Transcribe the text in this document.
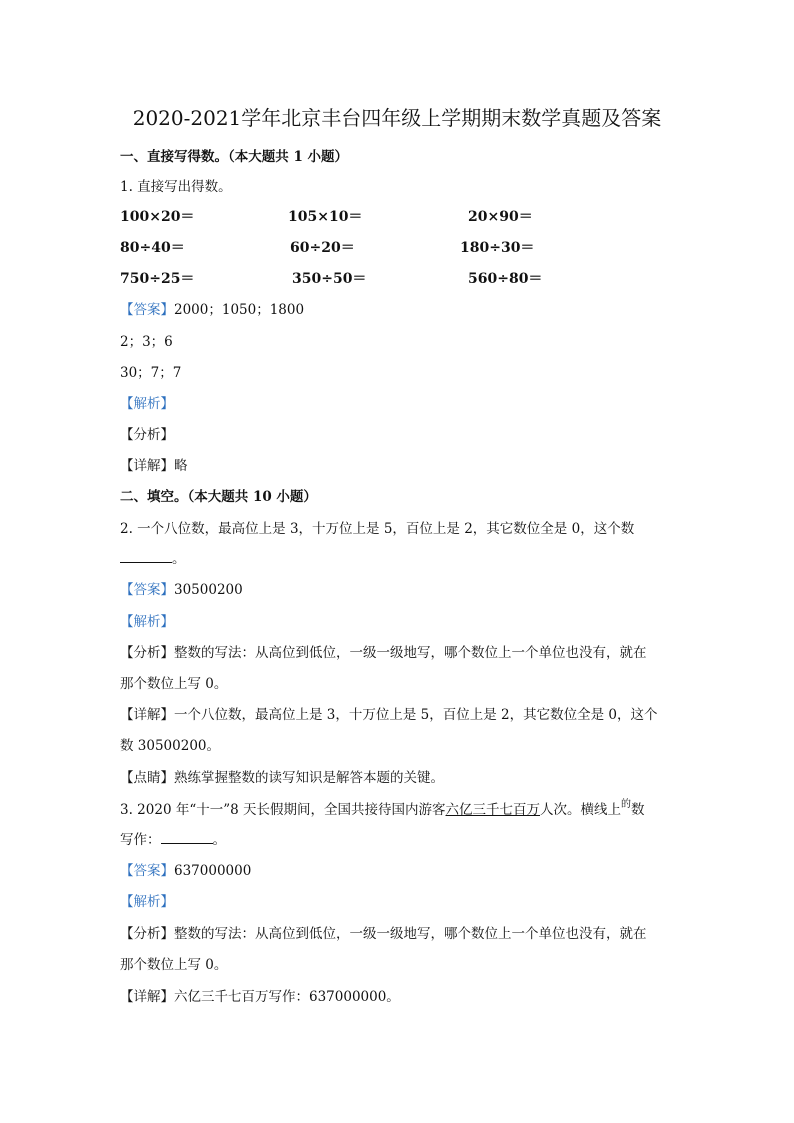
2020-2021学年北京丰台四年级上学期期末数学真题及答案
一、直接写得数。（本大题共 1 小题）
1. 直接写出得数。
100×20＝	105×10＝	20×90＝
80÷40＝	60÷20＝	180÷30＝
750÷25＝	350÷50＝	560÷80＝
【答案】2000；1050；1800
2；3；6
30；7；7
【解析】
【分析】
【详解】略
二、填空。（本大题共 10 小题）
2. 一个八位数，最高位上是 3，十万位上是 5，百位上是 2，其它数位全是 0，这个数
。
【答案】30500200
【解析】
【分析】整数的写法：从高位到低位，一级一级地写，哪个数位上一个单位也没有，就在
那个数位上写 0。
【详解】一个八位数，最高位上是 3，十万位上是 5，百位上是 2，其它数位全是 0，这个
数 30500200。
【点睛】熟练掌握整数的读写知识是解答本题的关键。
3. 2020 年“十一”8 天长假期间，全国共接待国内游客六亿三千七百万人次。横线上$^的$数
写作：	。
【答案】637000000
【解析】
【分析】整数的写法：从高位到低位，一级一级地写，哪个数位上一个单位也没有，就在
那个数位上写 0。
【详解】六亿三千七百万写作：637000000。
